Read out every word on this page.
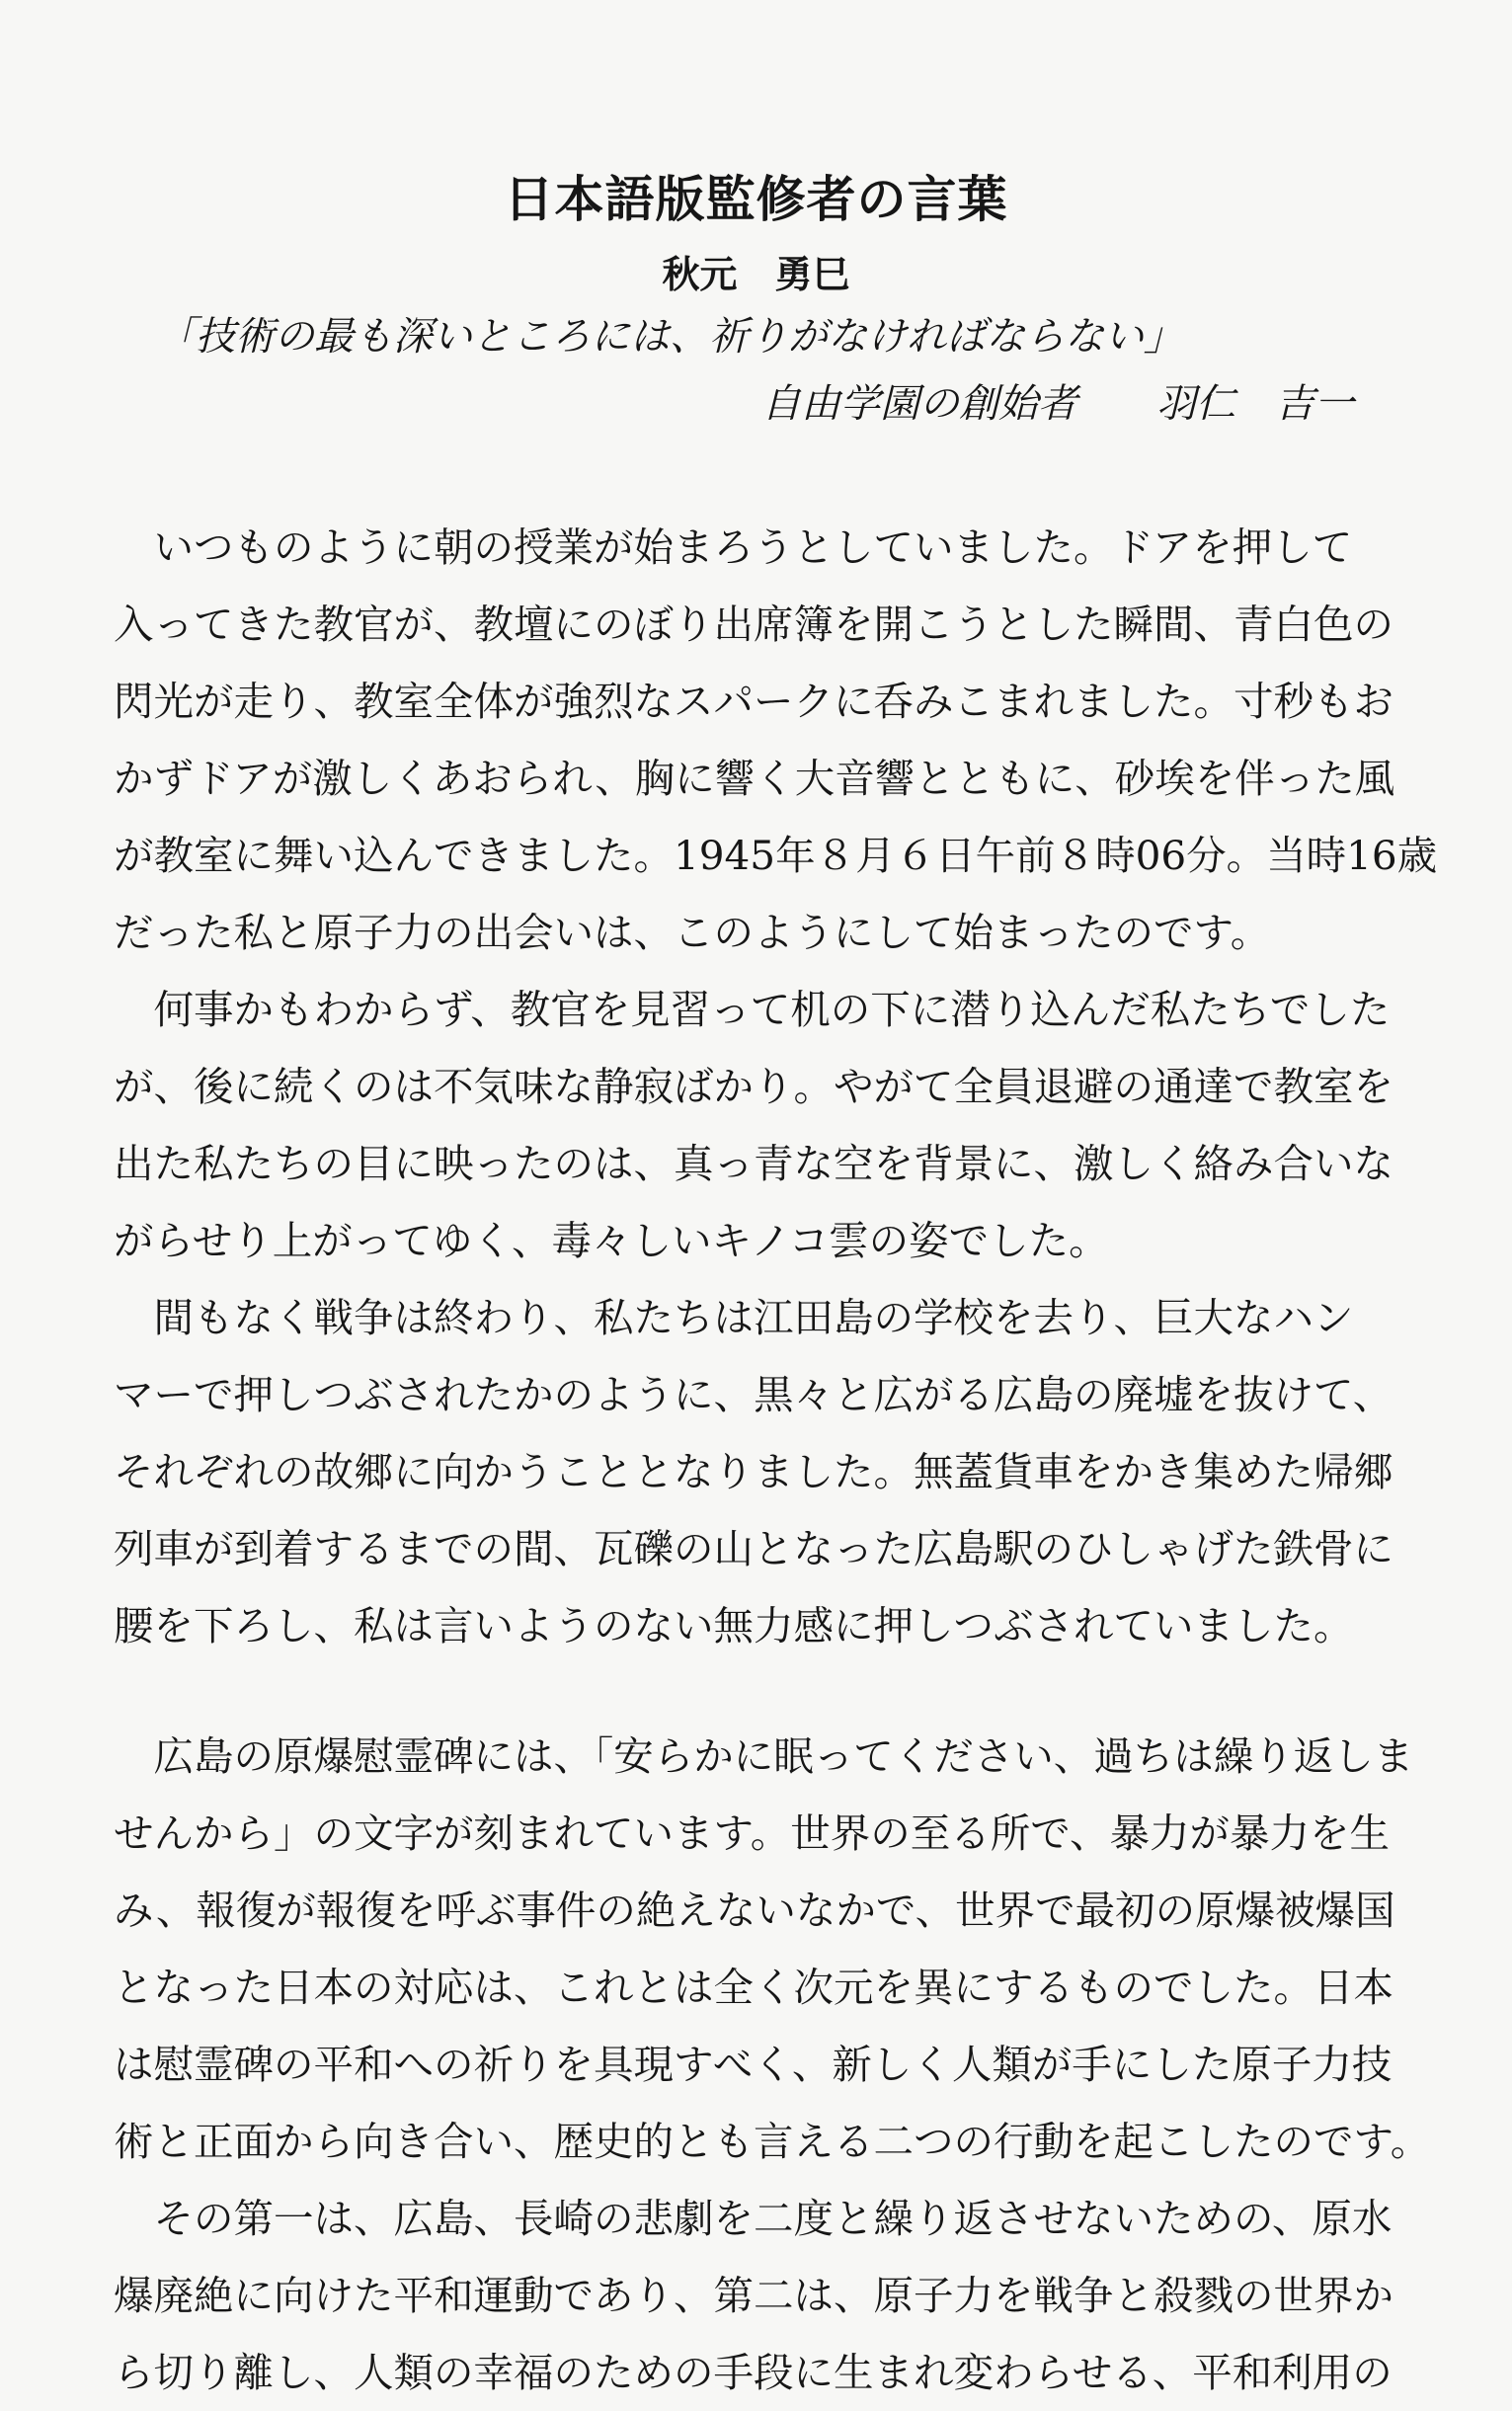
日本語版監修者の言葉
秋元　勇巳
「技術の最も深いところには、祈りがなければならない」
自由学園の創始者　　羽仁　吉一
　いつものように朝の授業が始まろうとしていました。ドアを押して
入ってきた教官が、教壇にのぼり出席簿を開こうとした瞬間、青白色の
閃光が走り、教室全体が強烈なスパークに呑みこまれました。寸秒もお
かずドアが激しくあおられ、胸に響く大音響とともに、砂埃を伴った風
が教室に舞い込んできました。1945年８月６日午前８時06分。当時16歳
だった私と原子力の出会いは、このようにして始まったのです。
　何事かもわからず、教官を見習って机の下に潜り込んだ私たちでした
が、後に続くのは不気味な静寂ばかり。やがて全員退避の通達で教室を
出た私たちの目に映ったのは、真っ青な空を背景に、激しく絡み合いな
がらせり上がってゆく、毒々しいキノコ雲の姿でした。
　間もなく戦争は終わり、私たちは江田島の学校を去り、巨大なハン
マーで押しつぶされたかのように、黒々と広がる広島の廃墟を抜けて、
それぞれの故郷に向かうこととなりました。無蓋貨車をかき集めた帰郷
列車が到着するまでの間、瓦礫の山となった広島駅のひしゃげた鉄骨に
腰を下ろし、私は言いようのない無力感に押しつぶされていました。
　広島の原爆慰霊碑には、「安らかに眠ってください、過ちは繰り返しま
せんから」の文字が刻まれています。世界の至る所で、暴力が暴力を生
み、報復が報復を呼ぶ事件の絶えないなかで、世界で最初の原爆被爆国
となった日本の対応は、これとは全く次元を異にするものでした。日本
は慰霊碑の平和への祈りを具現すべく、新しく人類が手にした原子力技
術と正面から向き合い、歴史的とも言える二つの行動を起こしたのです。
　その第一は、広島、長崎の悲劇を二度と繰り返させないための、原水
爆廃絶に向けた平和運動であり、第二は、原子力を戦争と殺戮の世界か
ら切り離し、人類の幸福のための手段に生まれ変わらせる、平和利用の
